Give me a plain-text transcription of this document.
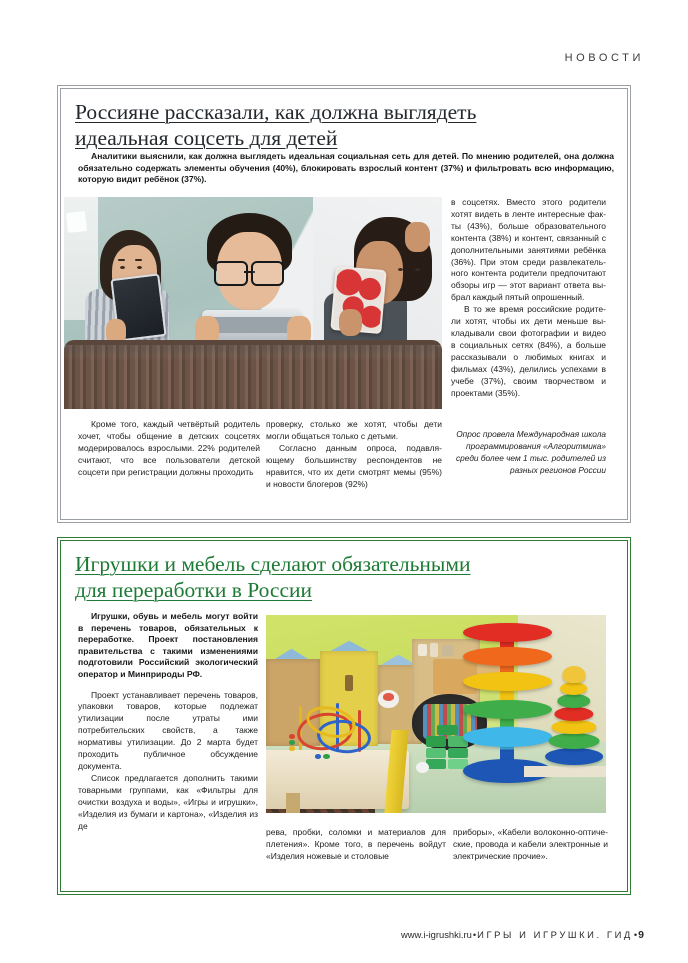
НОВОСТИ
Россияне рассказали, как должна выглядеть
идеальная соцсеть для детей
Аналитики выяснили, как должна выглядеть идеальная социальная сеть для детей. По мнению родителей, она должна обязательно содержать элементы обучения (40%), блокировать взрослый контент (37%) и фильтровать всю информацию, которую видит ребёнок (37%).

в соцсетях. Вместо этого родители хотят видеть в ленте интересные факты (43%), больше образовательного контента (38%) и контент, связанный с дополнительными занятиями ребёнка (36%). При этом среди развлекательного контента родители предпочитают обзоры игр — этот вариант ответа выбрал каждый пятый опрошенный.

В то же время российские родители хотят, чтобы их дети меньше выкладывали свои фотографии и видео в социальных сетях (84%), а больше рассказывали о любимых книгах и фильмах (43%), делились успехами в учебе (37%), своим творчеством и проектами (35%).

Опрос провела Международная школа программирования «Алгоритмика» среди более чем 1 тыс. родителей из разных регионов России

Кроме того, каждый четвёртый родитель хочет, чтобы общение в детских соцсетях модерировалось взрослыми. 22% родителей считают, что все пользователи детской соцсети при регистрации должны проходить

проверку, столько же хотят, чтобы дети могли общаться только с детьми.

Согласно данным опроса, подавляющему большинству респондентов не нравится, что их дети смотрят мемы (95%) и новости блогеров (92%)

Игрушки и мебель сделают обязательными
для переработки в России
Игрушки, обувь и мебель могут войти в перечень товаров, обязательных к переработке. Проект постановления правительства с такими изменениями подготовили Российский экологический оператор и Минприроды РФ.

Проект устанавливает перечень товаров, упаковки товаров, которые подлежат утилизации после утраты ими потребительских свойств, а также нормативы утилизации. До 2 марта будет проходить публичное обсуждение документа.

Список предлагается дополнить такими товарными группами, как «Фильтры для очистки воздуха и воды», «Игры и игрушки», «Изделия из бумаги и картона», «Изделия из де

рева, пробки, соломки и материалов для плетения». Кроме того, в перечень войдут «Изделия ножевые и столовые

приборы», «Кабели волоконно-оптические, провода и кабели электронные и электрические прочие».

www.i-igrushki.ru•ИГРЫ И ИГРУШКИ. ГИД•9
